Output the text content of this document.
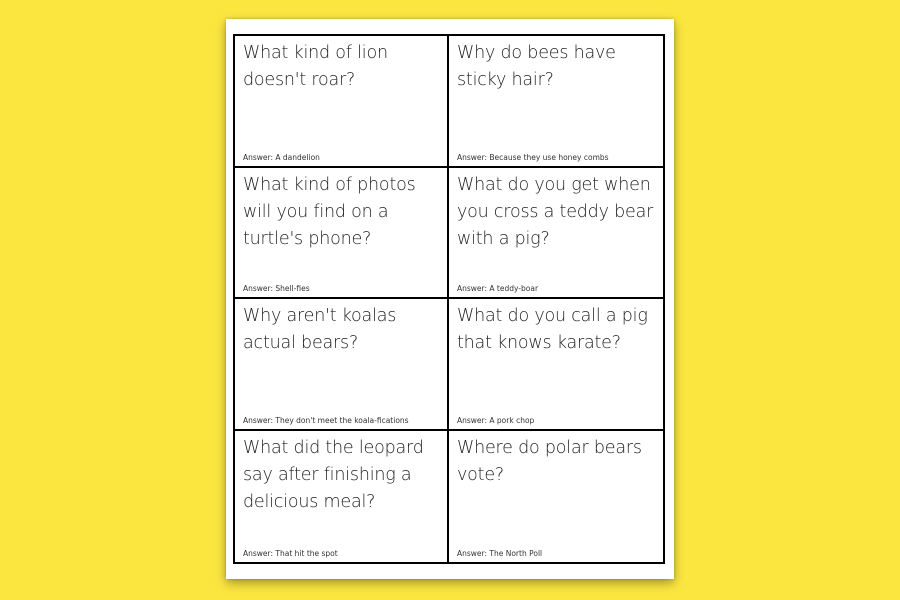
What kind of lion doesn't roar?

Answer: A dandelion

Why do bees have sticky hair?

Answer: Because they use honey combs

What kind of photos will you find on a turtle's phone?

Answer: Shell-fies

What do you get when you cross a teddy bear with a pig?

Answer: A teddy-boar

Why aren't koalas actual bears?

Answer: They don't meet the koala-fications

What do you call a pig that knows karate?

Answer: A pork chop

What did the leopard say after finishing a delicious meal?

Answer: That hit the spot

Where do polar bears vote?

Answer: The North Poll
